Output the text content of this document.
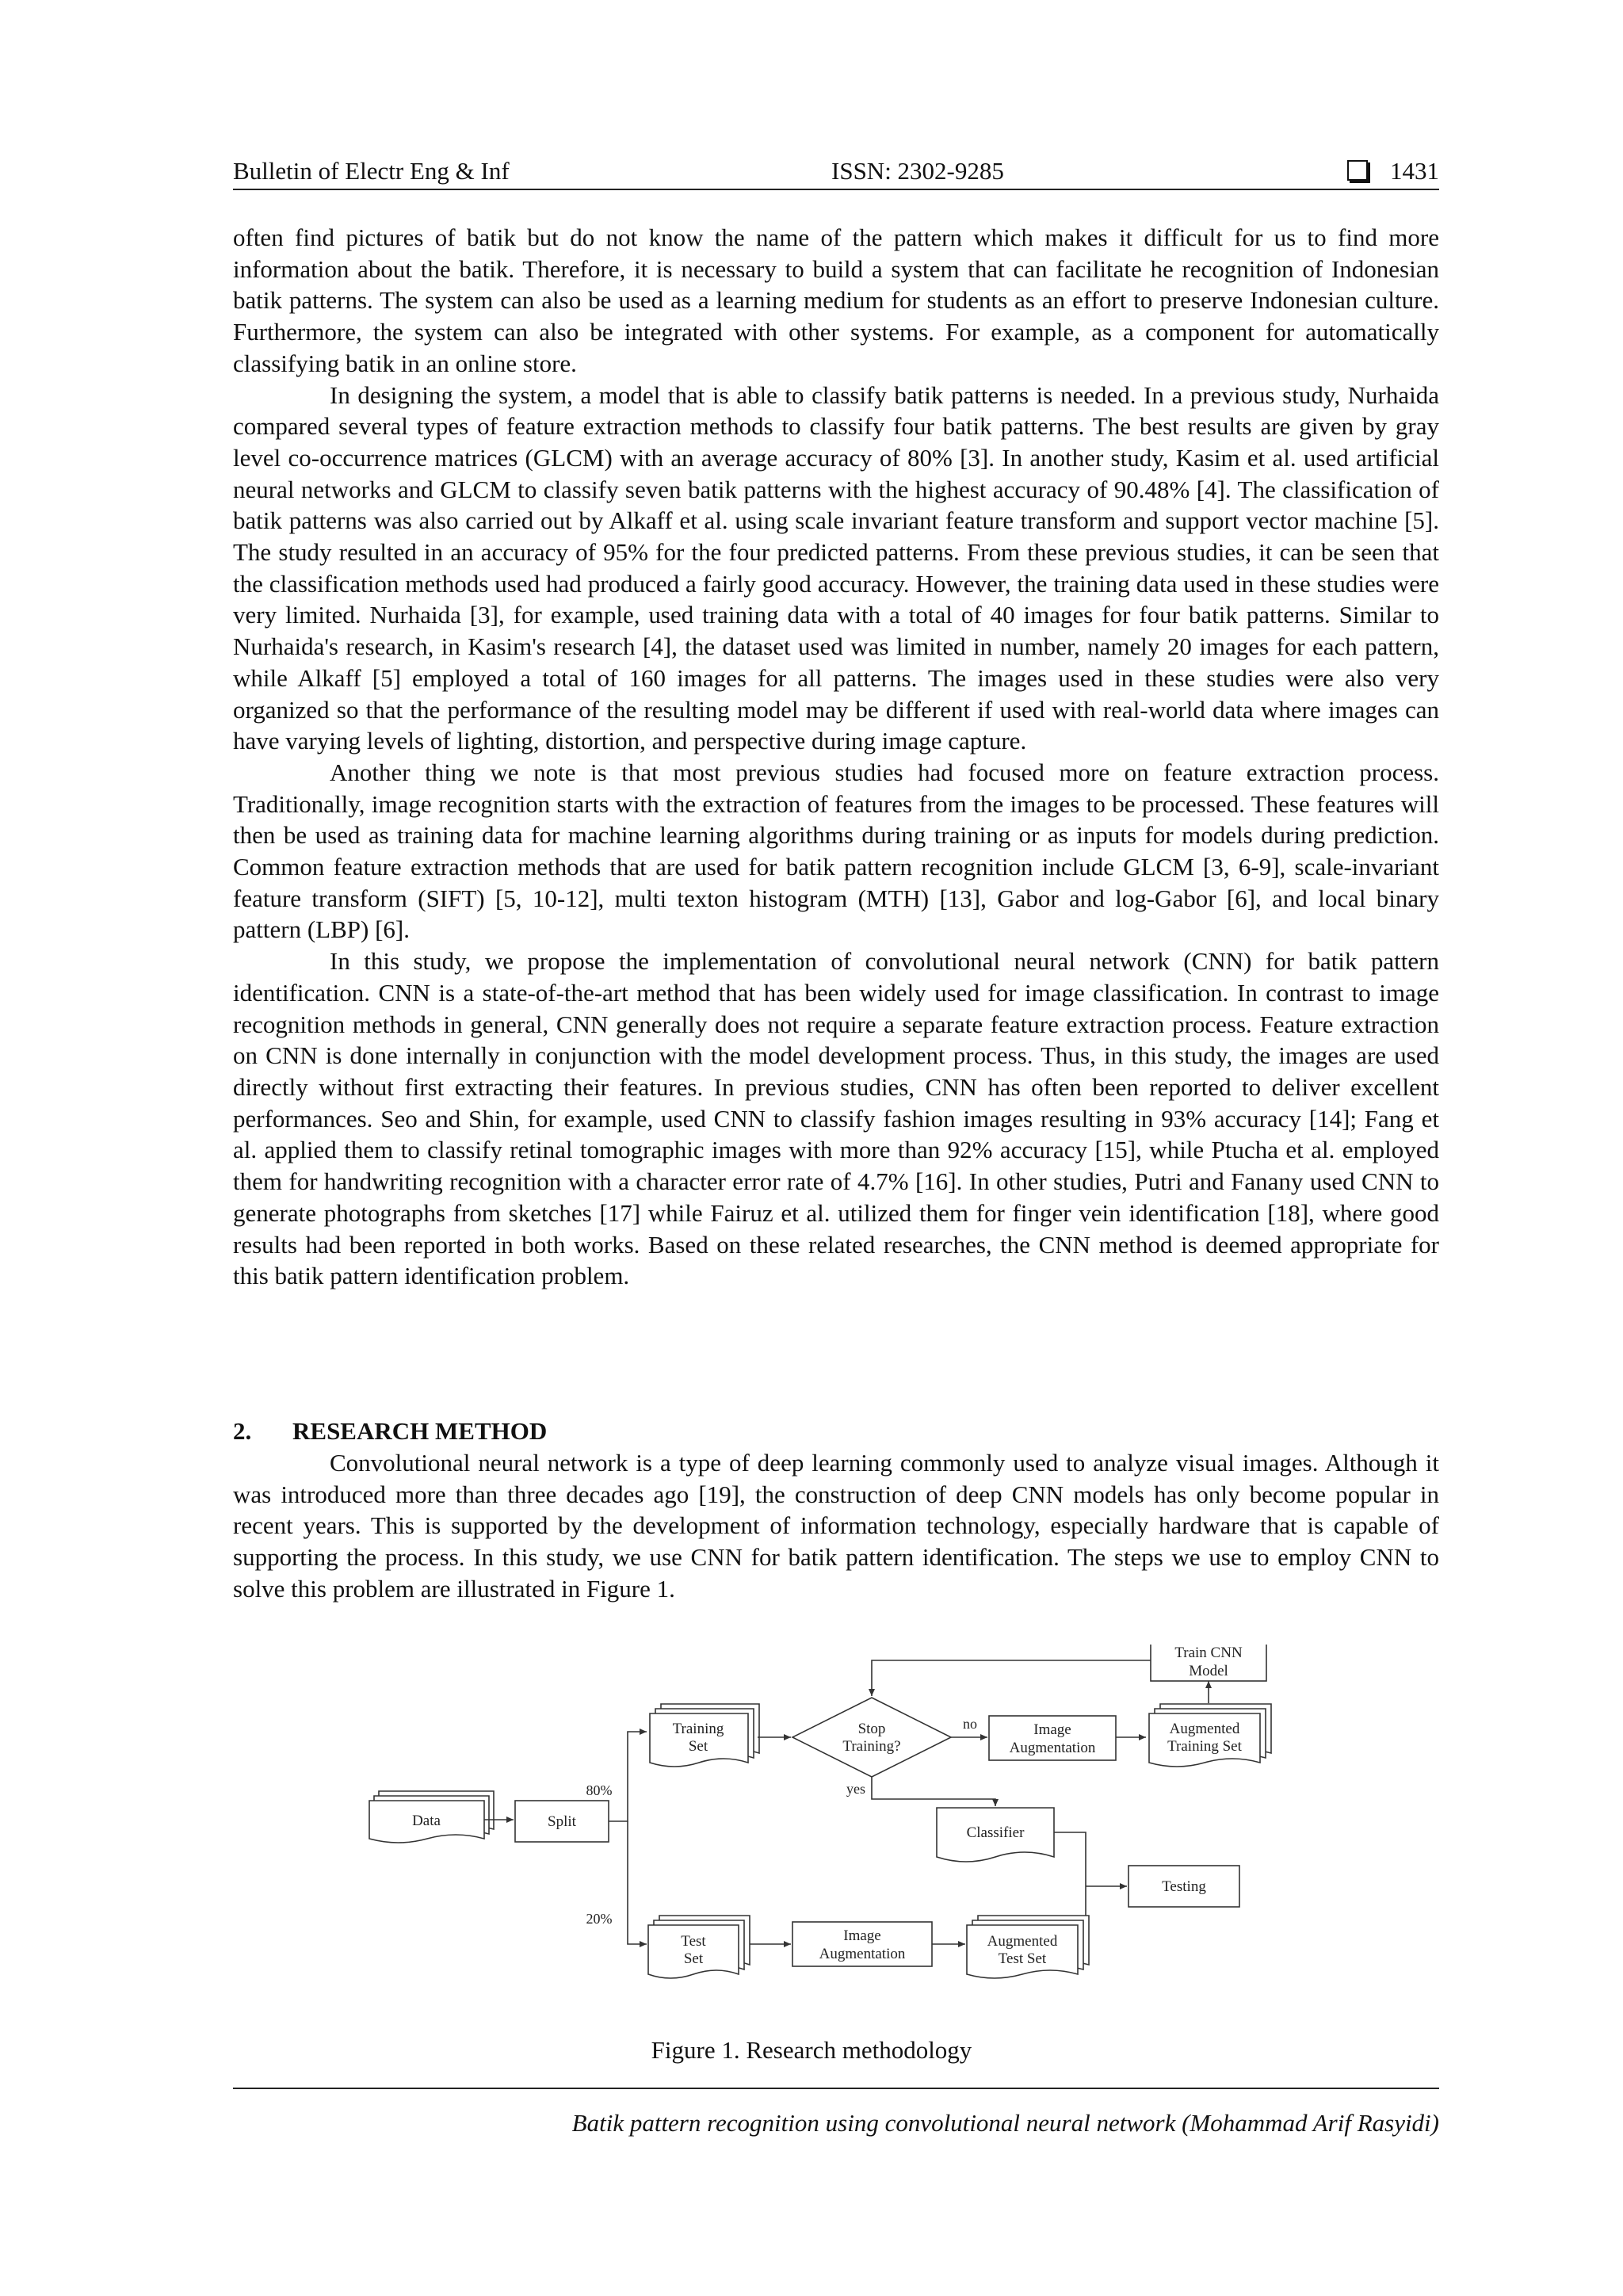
Bulletin of Electr Eng & Inf	ISSN: 2302-9285	1431

often find pictures of batik but do not know the name of the pattern which makes it difficult for us to find more information about the batik. Therefore, it is necessary to build a system that can facilitate he recognition of Indonesian batik patterns. The system can also be used as a learning medium for students as an effort to preserve Indonesian culture. Furthermore, the system can also be integrated with other systems. For example, as a component for automatically classifying batik in an online store.

In designing the system, a model that is able to classify batik patterns is needed. In a previous study, Nurhaida compared several types of feature extraction methods to classify four batik patterns. The best results are given by gray level co-occurrence matrices (GLCM) with an average accuracy of 80% [3]. In another study, Kasim et al. used artificial neural networks and GLCM to classify seven batik patterns with the highest accuracy of 90.48% [4]. The classification of batik patterns was also carried out by Alkaff et al. using scale invariant feature transform and support vector machine [5]. The study resulted in an accuracy of 95% for the four predicted patterns. From these previous studies, it can be seen that the classification methods used had produced a fairly good accuracy. However, the training data used in these studies were very limited. Nurhaida [3], for example, used training data with a total of 40 images for four batik patterns. Similar to Nurhaida's research, in Kasim's research [4], the dataset used was limited in number, namely 20 images for each pattern, while Alkaff [5] employed a total of 160 images for all patterns. The images used in these studies were also very organized so that the performance of the resulting model may be different if used with real-world data where images can have varying levels of lighting, distortion, and perspective during image capture.

Another thing we note is that most previous studies had focused more on feature extraction process. Traditionally, image recognition starts with the extraction of features from the images to be processed. These features will then be used as training data for machine learning algorithms during training or as inputs for models during prediction. Common feature extraction methods that are used for batik pattern recognition include GLCM [3, 6-9], scale-invariant feature transform (SIFT) [5, 10-12], multi texton histogram (MTH) [13], Gabor and log-Gabor [6], and local binary pattern (LBP) [6].

In this study, we propose the implementation of convolutional neural network (CNN) for batik pattern identification. CNN is a state-of-the-art method that has been widely used for image classification. In contrast to image recognition methods in general, CNN generally does not require a separate feature extraction process. Feature extraction on CNN is done internally in conjunction with the model development process. Thus, in this study, the images are used directly without first extracting their features. In previous studies, CNN has often been reported to deliver excellent performances. Seo and Shin, for example, used CNN to classify fashion images resulting in 93% accuracy [14]; Fang et al. applied them to classify retinal tomographic images with more than 92% accuracy [15], while Ptucha et al. employed them for handwriting recognition with a character error rate of 4.7% [16]. In other studies, Putri and Fanany used CNN to generate photographs from sketches [17] while Fairuz et al. utilized them for finger vein identification [18], where good results had been reported in both works. Based on these related researches, the CNN method is deemed appropriate for this batik pattern identification problem.

2. RESEARCH METHOD

Convolutional neural network is a type of deep learning commonly used to analyze visual images. Although it was introduced more than three decades ago [19], the construction of deep CNN models has only become popular in recent years. This is supported by the development of information technology, especially hardware that is capable of supporting the process. In this study, we use CNN for batik pattern identification. The steps we use to employ CNN to solve this problem are illustrated in Figure 1.

Data	Split
80%
20%
Training
Set
Stop
Training?
no	Image
Augmentation
Augmented
Training Set
Train CNN
Model
yes
Classifier
Testing
Test
Set
Image
Augmentation
Augmented
Test Set
Figure 1. Research methodology
Batik pattern recognition using convolutional neural network (Mohammad Arif Rasyidi)
